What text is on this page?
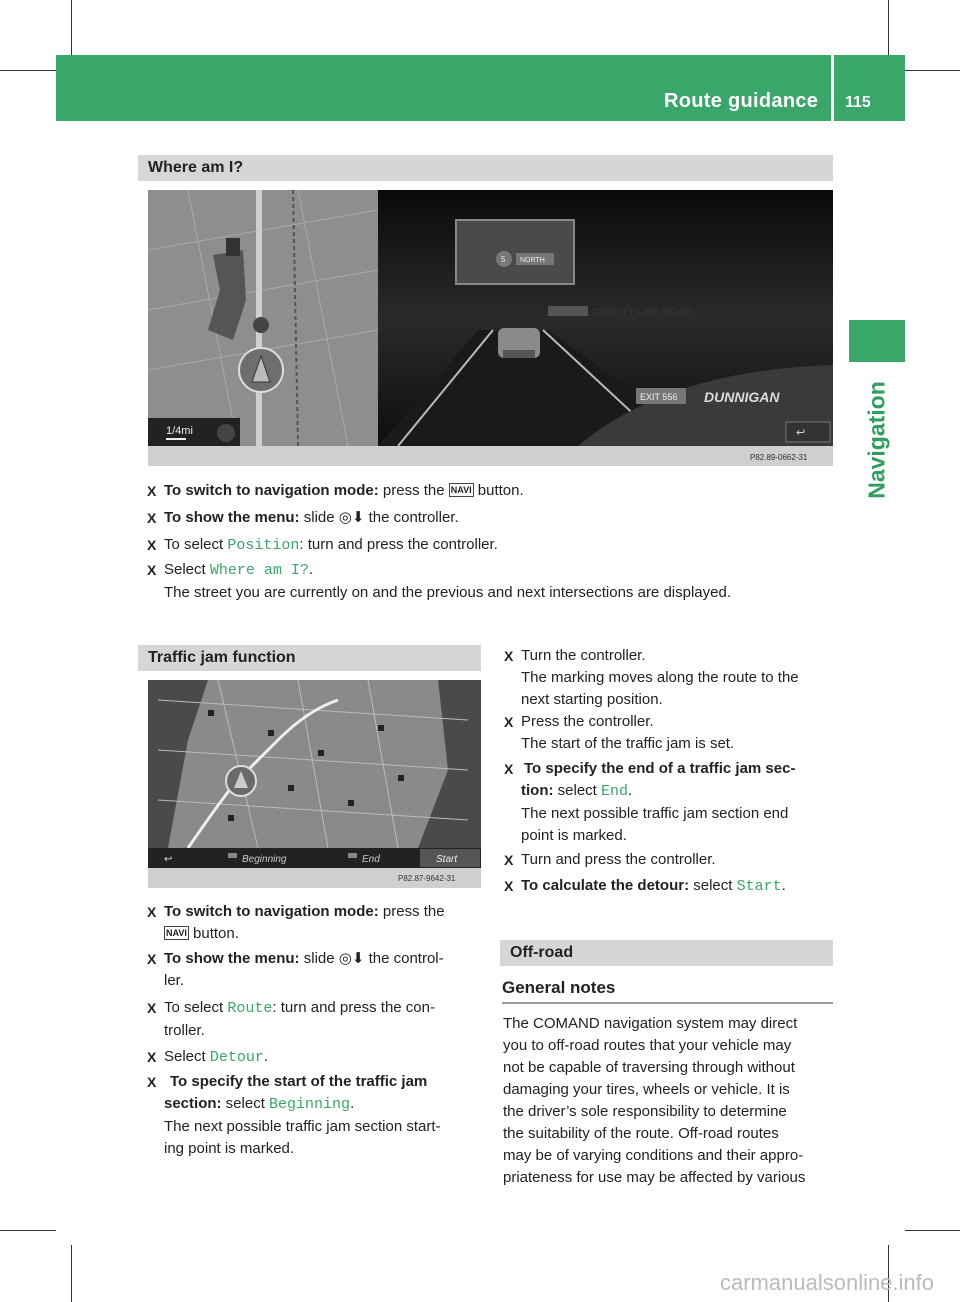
Route guidance 115
Navigation
Where am I?
1/4mi
5 NORTH
COUNTY LINE ROAD
EXIT 556 DUNNIGAN
↩
P82.89-0662-31
X To switch to navigation mode: press the NAVI button.
X To show the menu: slide ◎⬇ the controller.
X To select Position: turn and press the controller.
X Select Where am I?.
The street you are currently on and the previous and next intersections are displayed.
Traffic jam function
↩	Beginning	End	Start
P82.87-9642-31
X To switch to navigation mode: press the
NAVI button.
X To show the menu: slide ◎⬇ the control-
ler.
X To select Route: turn and press the con-
troller.
X Select Detour.
X To specify the start of the traffic jam
section: select Beginning.
The next possible traffic jam section start-
ing point is marked.
X Turn the controller.
The marking moves along the route to the
next starting position.
X Press the controller.
The start of the traffic jam is set.
X To specify the end of a traffic jam sec-
tion: select End.
The next possible traffic jam section end
point is marked.
X Turn and press the controller.
X To calculate the detour: select Start.
Off-road
General notes
The COMAND navigation system may direct
you to off-road routes that your vehicle may
not be capable of traversing through without
damaging your tires, wheels or vehicle. It is
the driver’s sole responsibility to determine
the suitability of the route. Off-road routes
may be of varying conditions and their appro-
priateness for use may be affected by various
carmanualsonline.info
